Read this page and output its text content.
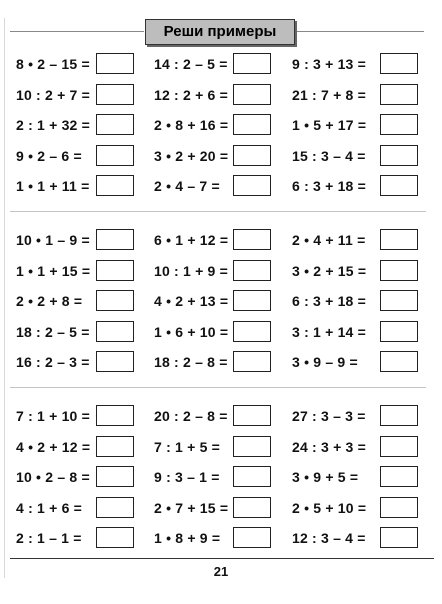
Реши примеры
8 • 2 – 15 =	14 : 2 – 5 =	9 : 3 + 13 =
10 : 2 + 7 =	12 : 2 + 6 =	21 : 7 + 8 =
2 : 1 + 32 =	2 • 8 + 16 =	1 • 5 + 17 =
9 • 2 – 6 =	3 • 2 + 20 =	15 : 3 – 4 =
1 • 1 + 11 =	2 • 4 – 7 =	6 : 3 + 18 =
10 • 1 – 9 =	6 • 1 + 12 =	2 • 4 + 11 =
1 • 1 + 15 =	10 : 1 + 9 =	3 • 2 + 15 =
2 • 2 + 8 =	4 • 2 + 13 =	6 : 3 + 18 =
18 : 2 – 5 =	1 • 6 + 10 =	3 : 1 + 14 =
16 : 2 – 3 =	18 : 2 – 8 =	3 • 9 – 9 =
7 : 1 + 10 =	20 : 2 – 8 =	27 : 3 – 3 =
4 • 2 + 12 =	7 : 1 + 5 =	24 : 3 + 3 =
10 • 2 – 8 =	9 : 3 – 1 =	3 • 9 + 5 =
4 : 1 + 6 =	2 • 7 + 15 =	2 • 5 + 10 =
2 : 1 – 1 =	1 • 8 + 9 =	12 : 3 – 4 =
21
